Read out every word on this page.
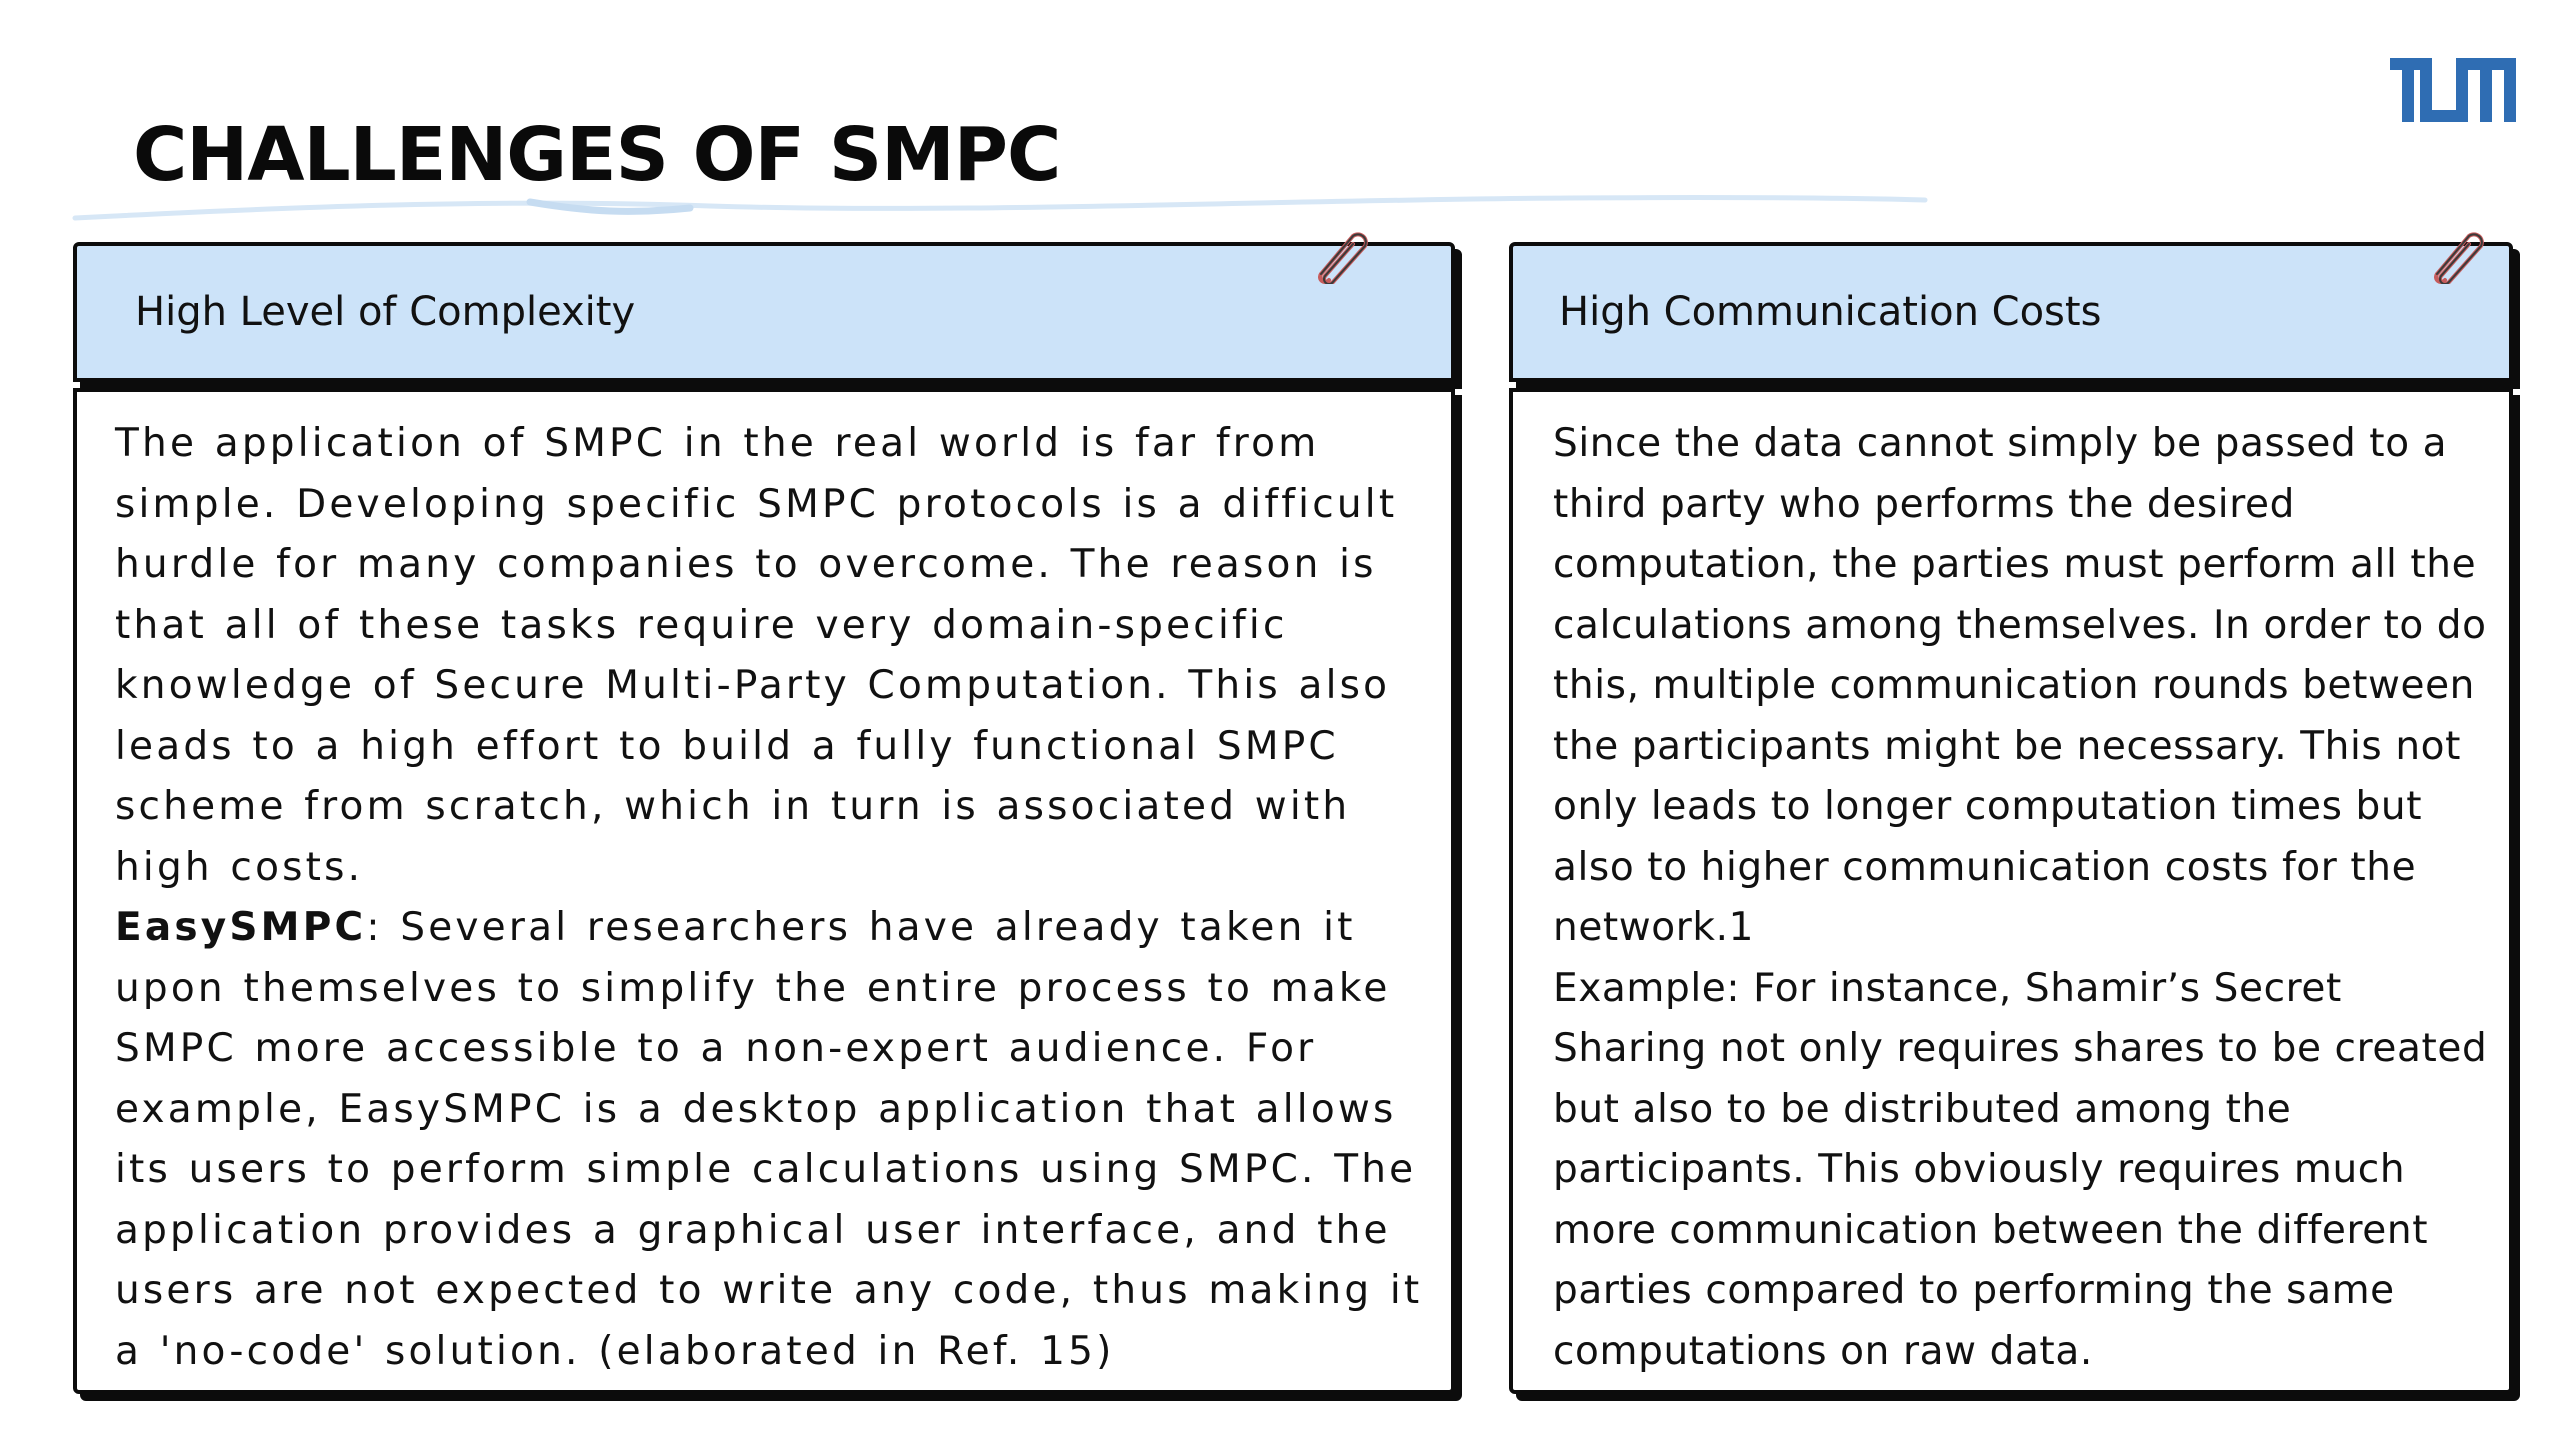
CHALLENGES OF SMPC
High Level of Complexity

The application of SMPC in the real world is far from simple. Developing specific SMPC protocols is a difficult hurdle for many companies to overcome. The reason is that all of these tasks require very domain-specific knowledge of Secure Multi-Party Computation. This also leads to a high effort to build a fully functional SMPC scheme from scratch, which in turn is associated with high costs.

EasySMPC: Several researchers have already taken it upon themselves to simplify the entire process to make SMPC more accessible to a non-expert audience. For example, EasySMPC is a desktop application that allows its users to perform simple calculations using SMPC. The application provides a graphical user interface, and the users are not expected to write any code, thus making it a 'no-code' solution. (elaborated in Ref. 15)

High Communication Costs

Since the data cannot simply be passed to a third party who performs the desired computation, the parties must perform all the calculations among themselves. In order to do this, multiple communication rounds between the participants might be necessary. This not only leads to longer computation times but also to higher communication costs for the network.1

Example: For instance, Shamir’s Secret Sharing not only requires shares to be created but also to be distributed among the participants. This obviously requires much more communication between the different parties compared to performing the same computations on raw data.
